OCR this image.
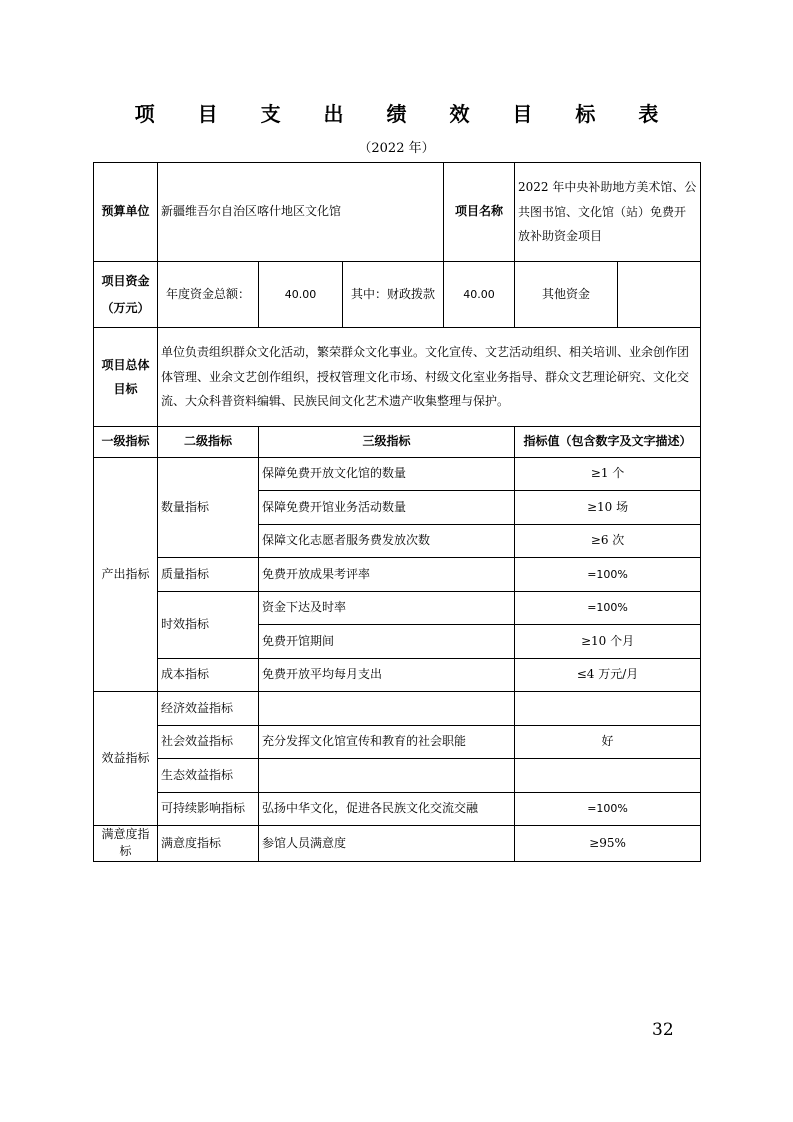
项 目 支 出 绩 效 目 标 表
（2022 年）
预算单位	新疆维吾尔自治区喀什地区文化馆			项目名称	2022 年中央补助地方美术馆、公共图书馆、文化馆（站）免费开放补助资金项目	
项目资金
（万元）	年度资金总额：	40.00	其中：财政拨款	40.00	其他资金	
项目总体目标	单位负责组织群众文化活动，繁荣群众文化事业。文化宣传、文艺活动组织、相关培训、业余创作团体管理、业余文艺创作组织，授权管理文化市场、村级文化室业务指导、群众文艺理论研究、文化交流、大众科普资料编辑、民族民间文化艺术遗产收集整理与保护。					
一级指标	二级指标	三级指标			指标值（包含数字及文字描述）	
产出指标	数量指标	保障免费开放文化馆的数量			≥1 个	
		保障免费开馆业务活动数量			≥10 场	
		保障文化志愿者服务费发放次数			≥6 次	
	质量指标	免费开放成果考评率			=100%	
	时效指标	资金下达及时率			=100%	
		免费开馆期间			≥10 个月	
	成本指标	免费开放平均每月支出			≤4 万元/月	
效益指标	经济效益指标					
	社会效益指标	充分发挥文化馆宣传和教育的社会职能			好	
	生态效益指标					
	可持续影响指标	弘扬中华文化，促进各民族文化交流交融			=100%	
满意度指标	满意度指标	参馆人员满意度			≥95%	
32
